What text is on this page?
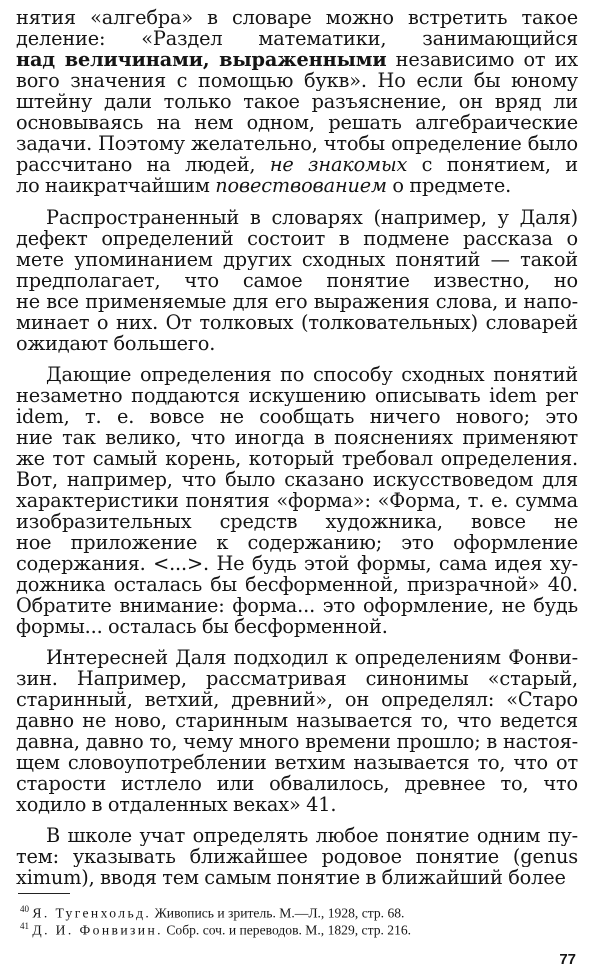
нятия «алгебра» в словаре можно встретить такое
деление: «Раздел математики, занимающийся
над величинами, выраженными независимо от их
вого значения с помощью букв». Но если бы юному
штейну дали только такое разъяснение, он вряд ли
основываясь на нем одном, решать алгебраические
задачи. Поэтому желательно, чтобы определение было
рассчитано на людей, не знакомых с понятием, и
ло наикратчайшим повествованием о предмете.
Распространенный в словарях (например, у Даля)
дефект определений состоит в подмене рассказа о
мете упоминанием других сходных понятий — такой
предполагает, что самое понятие известно, но
не все применяемые для его выражения слова, и напо-
минает о них. От толковых (толковательных) словарей
ожидают большего.
Дающие определения по способу сходных понятий
незаметно поддаются искушению описывать idem per
idem, т. е. вовсе не сообщать ничего нового; это
ние так велико, что иногда в пояснениях применяют
же тот самый корень, который требовал определения.
Вот, например, что было сказано искусствоведом для
характеристики понятия «форма»: «Форма, т. е. сумма
изобразительных средств художника, вовсе не
ное приложение к содержанию; это оформление
содержания. <...>. Не будь этой формы, сама идея ху-
дожника осталась бы бесформенной, призрачной» 40.
Обратите внимание: форма... это оформление, не будь
формы... осталась бы бесформенной.
Интересней Даля подходил к определениям Фонви-
зин. Например, рассматривая синонимы «старый,
старинный, ветхий, древний», он определял: «Старо
давно не ново, старинным называется то, что ведется
давна, давно то, чему много времени прошло; в настоя-
щем словоупотреблении ветхим называется то, что от
старости истлело или обвалилось, древнее то, что
ходило в отдаленных веках» 41.
В школе учат определять любое понятие одним пу-
тем: указывать ближайшее родовое понятие (genus
ximum), вводя тем самым понятие в ближайший более
$^{40}$ Я. Тугенхольд. Живопись и зритель. М.—Л., 1928, стр. 68.
$^{41}$ Д. И. Фонвизин. Собр. соч. и переводов. М., 1829, стр. 216.
77
